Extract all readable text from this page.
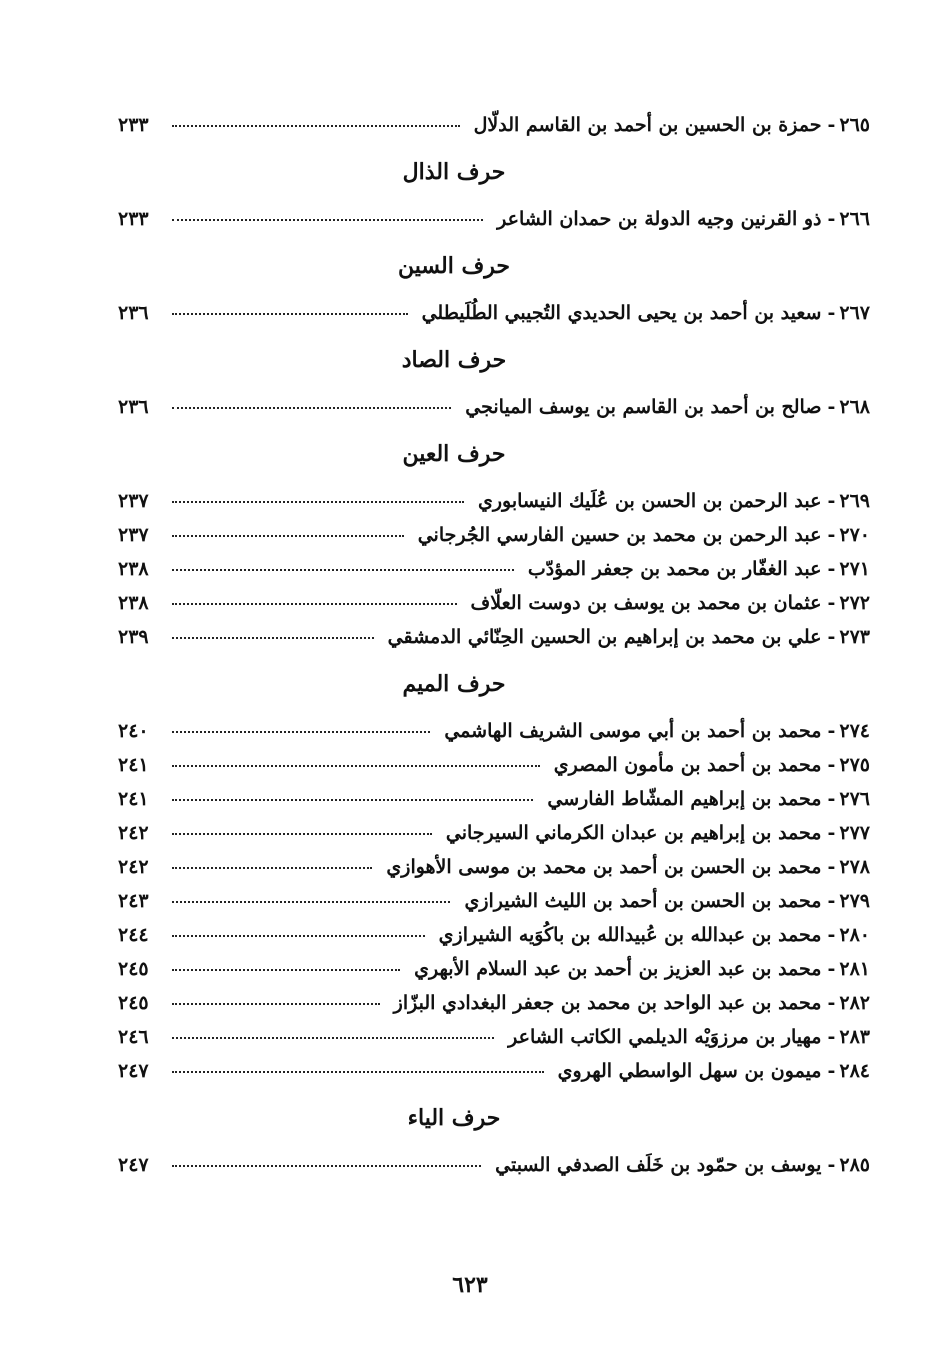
٢٦٥
-
حمزة بن الحسين بن أحمد بن القاسم الدلّال
٢٣٣
حرف الذال
٢٦٦
-
ذو القرنين وجيه الدولة بن حمدان الشاعر
٢٣٣
حرف السين
٢٦٧
-
سعيد بن أحمد بن يحيى الحديدي التُجيبي الطُلَيطلي
٢٣٦
حرف الصاد
٢٦٨
-
صالح بن أحمد بن القاسم بن يوسف الميانجي
٢٣٦
حرف العين
٢٦٩
-
عبد الرحمن بن الحسن بن عُلَيك النيسابوري
٢٣٧
٢٧٠
-
عبد الرحمن بن محمد بن حسين الفارسي الجُرجاني
٢٣٧
٢٧١
-
عبد الغفّار بن محمد بن جعفر المؤدّب
٢٣٨
٢٧٢
-
عثمان بن محمد بن يوسف بن دوست العلّاف
٢٣٨
٢٧٣
-
علي بن محمد بن إبراهيم بن الحسين الحِنّائي الدمشقي
٢٣٩
حرف الميم
٢٧٤
-
محمد بن أحمد بن أبي موسى الشريف الهاشمي
٢٤٠
٢٧٥
-
محمد بن أحمد بن مأمون المصري
٢٤١
٢٧٦
-
محمد بن إبراهيم المشّاط الفارسي
٢٤١
٢٧٧
-
محمد بن إبراهيم بن عبدان الكرماني السيرجاني
٢٤٢
٢٧٨
-
محمد بن الحسن بن أحمد بن محمد بن موسى الأهوازي
٢٤٢
٢٧٩
-
محمد بن الحسن بن أحمد بن الليث الشيرازي
٢٤٣
٢٨٠
-
محمد بن عبدالله بن عُبيدالله بن باكُوَيه الشيرازي
٢٤٤
٢٨١
-
محمد بن عبد العزيز بن أحمد بن عبد السلام الأبهري
٢٤٥
٢٨٢
-
محمد بن عبد الواحد بن محمد بن جعفر البغدادي البزّاز
٢٤٥
٢٨٣
-
مهيار بن مرزوَيْه الديلمي الكاتب الشاعر
٢٤٦
٢٨٤
-
ميمون بن سهل الواسطي الهروي
٢٤٧
حرف الياء
٢٨٥
-
يوسف بن حمّود بن خَلَف الصدفي السبتي
٢٤٧
٦٢٣
